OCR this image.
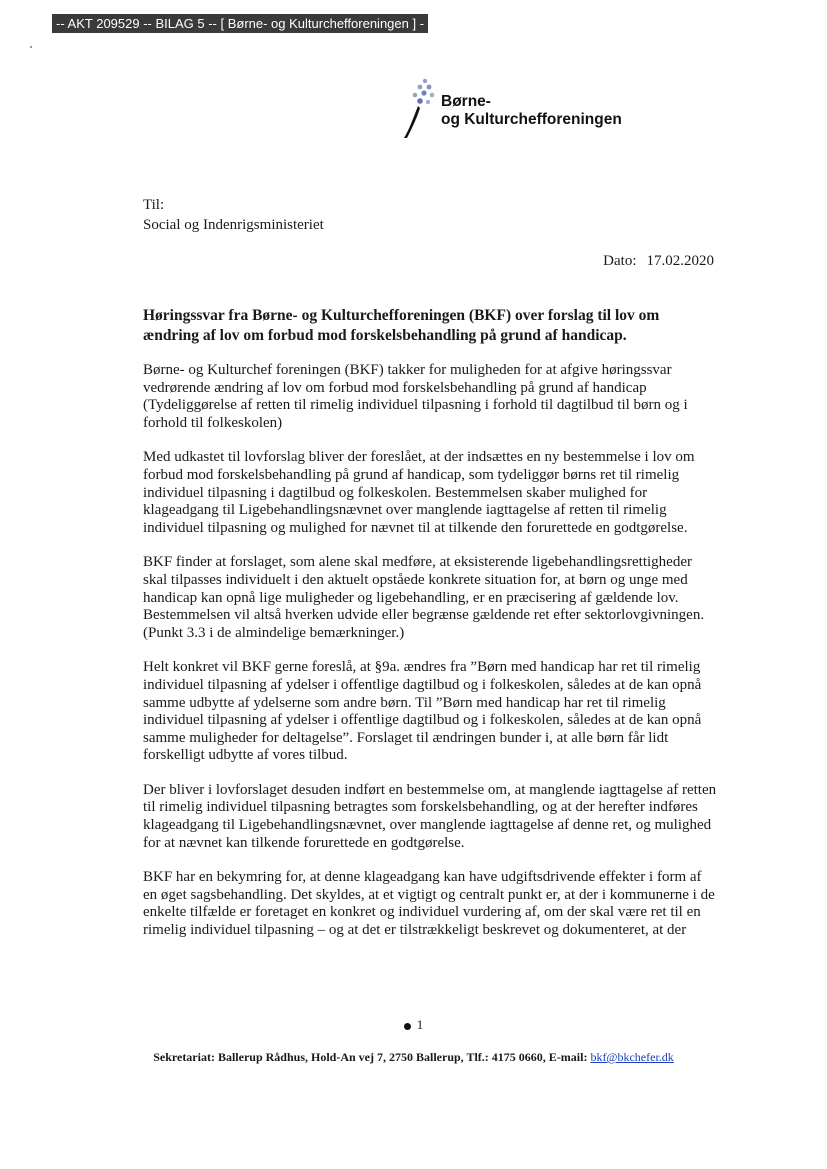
-- AKT 209529 -- BILAG 5 -- [ Børne- og Kulturchefforeningen ] -
Børne-
og Kulturchefforeningen
Til:
Social og Indenrigsministeriet
Dato: 17.02.2020
Høringssvar fra Børne- og Kulturchefforeningen (BKF) over forslag til lov om ændring af lov om forbud mod forskelsbehandling på grund af handicap.

Børne- og Kulturchef foreningen (BKF) takker for muligheden for at afgive høringssvar vedrørende ændring af lov om forbud mod forskelsbehandling på grund af handicap (Tydeliggørelse af retten til rimelig individuel tilpasning i forhold til dagtilbud til børn og i forhold til folkeskolen)

Med udkastet til lovforslag bliver der foreslået, at der indsættes en ny bestemmelse i lov om forbud mod forskelsbehandling på grund af handicap, som tydeliggør børns ret til rimelig individuel tilpasning i dagtilbud og folkeskolen. Bestemmelsen skaber mulighed for klageadgang til Ligebehandlingsnævnet over manglende iagttagelse af retten til rimelig individuel tilpasning og mulighed for nævnet til at tilkende den forurettede en godtgørelse.

BKF finder at forslaget, som alene skal medføre, at eksisterende ligebehandlingsrettigheder skal tilpasses individuelt i den aktuelt opståede konkrete situation for, at børn og unge med handicap kan opnå lige muligheder og ligebehandling, er en præcisering af gældende lov. Bestemmelsen vil altså hverken udvide eller begrænse gældende ret efter sektorlovgivningen. (Punkt 3.3 i de almindelige bemærkninger.)

Helt konkret vil BKF gerne foreslå, at §9a. ændres fra ”Børn med handicap har ret til rimelig individuel tilpasning af ydelser i offentlige dagtilbud og i folkeskolen, således at de kan opnå samme udbytte af ydelserne som andre børn. Til ”Børn med handicap har ret til rimelig individuel tilpasning af ydelser i offentlige dagtilbud og i folkeskolen, således at de kan opnå samme muligheder for deltagelse”. Forslaget til ændringen bunder i, at alle børn får lidt forskelligt udbytte af vores tilbud.

Der bliver i lovforslaget desuden indført en bestemmelse om, at manglende iagttagelse af retten til rimelig individuel tilpasning betragtes som forskelsbehandling, og at der herefter indføres klageadgang til Ligebehandlingsnævnet, over manglende iagttagelse af denne ret, og mulighed for at nævnet kan tilkende forurettede en godtgørelse.

BKF har en bekymring for, at denne klageadgang kan have udgiftsdrivende effekter i form af en øget sagsbehandling. Det skyldes, at et vigtigt og centralt punkt er, at der i kommunerne i de enkelte tilfælde er foretaget en konkret og individuel vurdering af, om der skal være ret til en rimelig individuel tilpasning – og at det er tilstrækkeligt beskrevet og dokumenteret, at der

1
Sekretariat: Ballerup Rådhus, Hold-An vej 7, 2750 Ballerup, Tlf.: 4175 0660, E-mail: bkf@bkchefer.dk
